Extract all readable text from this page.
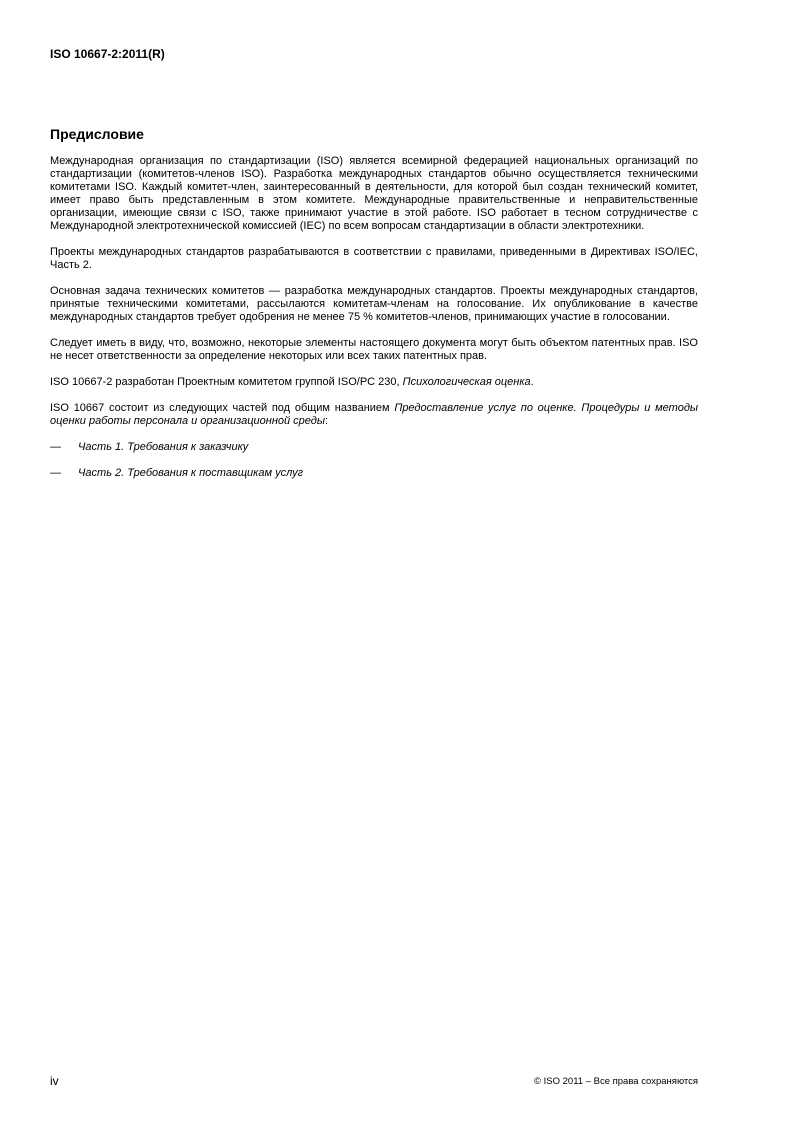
ISO 10667-2:2011(R)
Предисловие

Международная организация по стандартизации (ISO) является всемирной федерацией национальных организаций по стандартизации (комитетов-членов ISO). Разработка международных стандартов обычно осуществляется техническими комитетами ISO. Каждый комитет-член, заинтересованный в деятельности, для которой был создан технический комитет, имеет право быть представленным в этом комитете. Международные правительственные и неправительственные организации, имеющие связи с ISO, также принимают участие в этой работе. ISO работает в тесном сотрудничестве с Международной электротехнической комиссией (IEC) по всем вопросам стандартизации в области электротехники.

Проекты международных стандартов разрабатываются в соответствии с правилами, приведенными в Директивах ISO/IEC, Часть 2.

Основная задача технических комитетов — разработка международных стандартов. Проекты международных стандартов, принятые техническими комитетами, рассылаются комитетам-членам на голосование. Их опубликование в качестве международных стандартов требует одобрения не менее 75 % комитетов-членов, принимающих участие в голосовании.

Следует иметь в виду, что, возможно, некоторые элементы настоящего документа могут быть объектом патентных прав. ISO не несет ответственности за определение некоторых или всех таких патентных прав.

ISO 10667-2 разработан Проектным комитетом группой ISO/PC 230, Психологическая оценка.

ISO 10667 состоит из следующих частей под общим названием Предоставление услуг по оценке. Процедуры и методы оценки работы персонала и организационной среды:

—	Часть 1. Требования к заказчику
—	Часть 2. Требования к поставщикам услуг
iv	© ISO 2011 – Все права сохраняются
